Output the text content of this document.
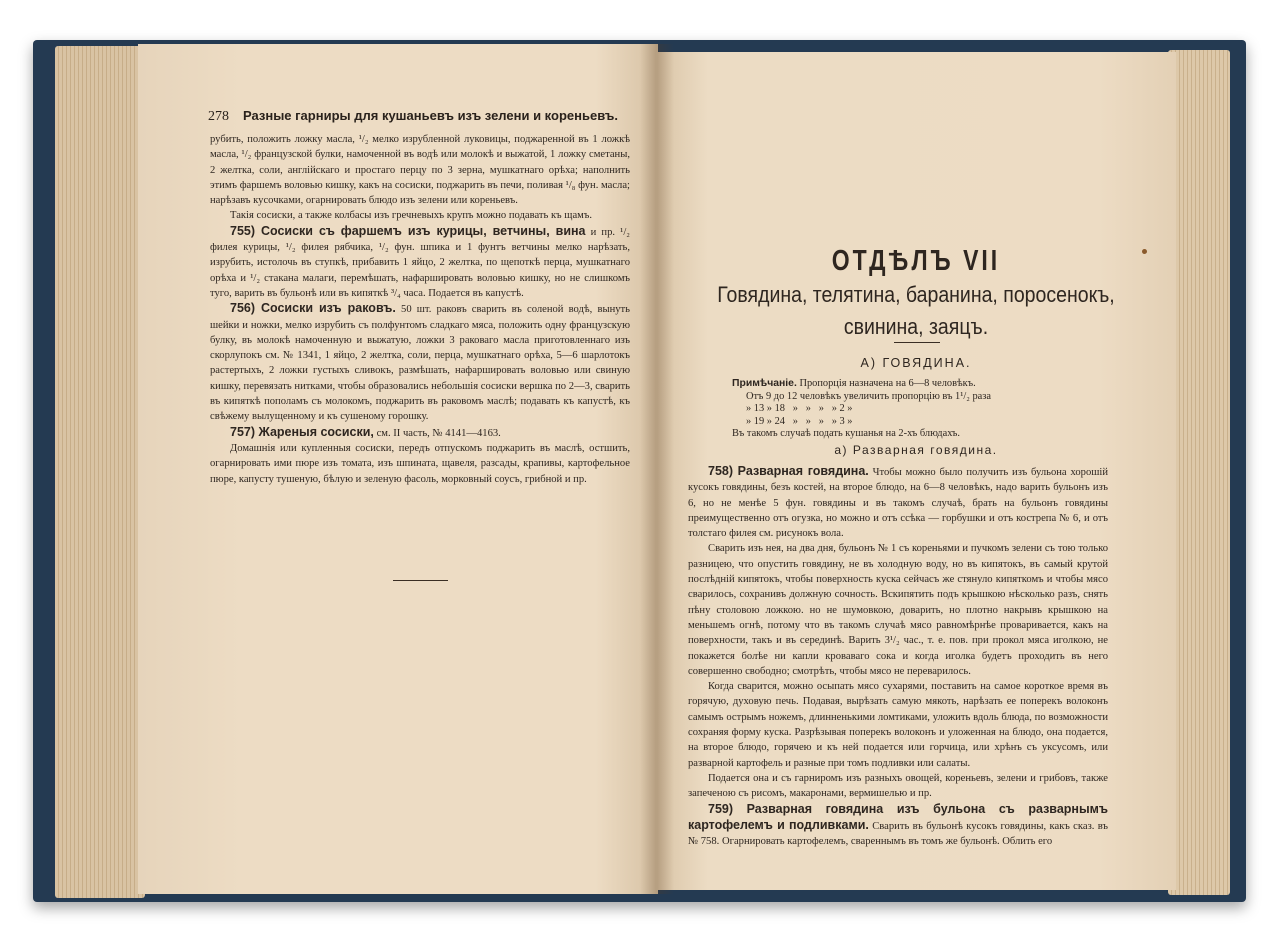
278 Разные гарниры для кушаньевъ изъ зелени и кореньевъ.

рубить, положить ложку масла, ¹/₂ мелко изрубленной луковицы, поджаренной въ 1 ложкѣ масла, ¹/₂ французской булки, намоченной въ водѣ или молокѣ и выжатой, 1 ложку сметаны, 2 желтка, соли, англійскаго и простаго перцу по 3 зерна, мушкатнаго орѣха; наполнить этимъ фаршемъ воловью кишку, какъ на сосиски, поджарить въ печи, поливая ¹/₈ фун. масла; нарѣзавъ кусочками, огарнировать блюдо изъ зелени или кореньевъ.

Такія сосиски, а также колбасы изъ гречневыхъ крупъ можно подавать къ щамъ.

755) Сосиски съ фаршемъ изъ курицы, ветчины, вина и пр. ¹/₂ филея курицы, ¹/₂ филея рябчика, ¹/₂ фун. шпика и 1 фунтъ ветчины мелко нарѣзать, изрубить, истолочь въ ступкѣ, прибавить 1 яйцо, 2 желтка, по щепоткѣ перца, мушкатнаго орѣха и ¹/₂ стакана малаги, перемѣшать, нафаршировать воловью кишку, но не слишкомъ туго, варить въ бульонѣ или въ кипяткѣ ³/₄ часа. Подается въ капустѣ.

756) Сосиски изъ раковъ. 50 шт. раковъ сварить въ соленой водѣ, вынуть шейки и ножки, мелко изрубить съ полфунтомъ сладкаго мяса, положить одну французскую булку, въ молокѣ намоченную и выжатую, ложки 3 раковаго масла приготовленнаго изъ скорлупокъ см. № 1341, 1 яйцо, 2 желтка, соли, перца, мушкатнаго орѣха, 5—6 шарлотокъ растертыхъ, 2 ложки густыхъ сливокъ, размѣшать, нафаршировать воловью или свиную кишку, перевязать нитками, чтобы образовались небольшія сосиски вершка по 2—3, сварить въ кипяткѣ пополамъ съ молокомъ, поджарить въ раковомъ маслѣ; подавать къ капустѣ, къ свѣжему вылущенному и къ сушеному горошку.

757) Жареныя сосиски, см. II часть, № 4141—4163.

Домашнія или купленныя сосиски, передъ отпускомъ поджарить въ маслѣ, остшить, огарнировать ими пюре изъ томата, изъ шпината, щавеля, разсады, крапивы, картофельное пюре, капусту тушеную, бѣлую и зеленую фасоль, морковный соусъ, грибной и пр.

ОТДѢЛЪ VII
Говядина, телятина, баранина, поросенокъ,
свинина, заяцъ.
А) ГОВЯДИНА.
Примѣчаніе. Пропорція назначена на 6—8 человѣкъ.
Отъ 9 до 12 человѣкъ увеличить пропорцію въ 1¹/₂ раза
» 13 » 18   »   »   »   » 2 »
» 19 » 24   »   »   »   » 3 »
Въ такомъ случаѣ подать кушанья на 2-хъ блюдахъ.
а) Разварная говядина.

758) Разварная говядина. Чтобы можно было получить изъ бульона хорошій кусокъ говядины, безъ костей, на второе блюдо, на 6—8 человѣкъ, надо варить бульонъ изъ 6, но не менѣе 5 фун. говядины и въ такомъ случаѣ, брать на бульонъ говядины преимущественно отъ огузка, но можно и отъ ссѣка — горбушки и отъ кострепа № 6, и отъ толстаго филея см. рисунокъ вола.

Сварить изъ нея, на два дня, бульонъ № 1 съ кореньями и пучкомъ зелени съ тою только разницею, что опустить говядину, не въ холодную воду, но въ кипятокъ, въ самый крутой послѣдній кипятокъ, чтобы поверхность куска сейчасъ же стянуло кипяткомъ и чтобы мясо сварилось, сохранивъ должную сочность. Вскипятить подъ крышкою нѣсколько разъ, снять пѣну столовою ложкою. но не шумовкою, доварить, но плотно накрывъ крышкою на меньшемъ огнѣ, потому что въ такомъ случаѣ мясо равномѣрнѣе проваривается, какъ на поверхности, такъ и въ серединѣ. Варить 3¹/₂ час., т. е. пов. при прокол мяса иголкою, не покажется болѣе ни капли кроваваго сока и когда иголка будетъ проходить въ него совершенно свободно; смотрѣть, чтобы мясо не переварилось.

Когда сварится, можно осыпать мясо сухарями, поставить на самое короткое время въ горячую, духовую печь. Подавая, вырѣзать самую мякоть, нарѣзать ее поперекъ волоконъ самымъ острымъ ножемъ, длинненькими ломтиками, уложить вдоль блюда, по возможности сохраняя форму куска. Разрѣзывая поперекъ волоконъ и уложенная на блюдо, она подается, на второе блюдо, горячею и къ ней подается или горчица, или хрѣнъ съ уксусомъ, или разварной картофель и разные при томъ подливки или салаты.

Подается она и съ гарниромъ изъ разныхъ овощей, кореньевъ, зелени и грибовъ, также запеченою съ рисомъ, макаронами, вермишелью и пр.

759) Разварная говядина изъ бульона съ разварнымъ картофелемъ и подливками. Сварить въ бульонѣ кусокъ говядины, какъ сказ. въ № 758. Огарнировать картофелемъ, свареннымъ въ томъ же бульонѣ. Облить его
